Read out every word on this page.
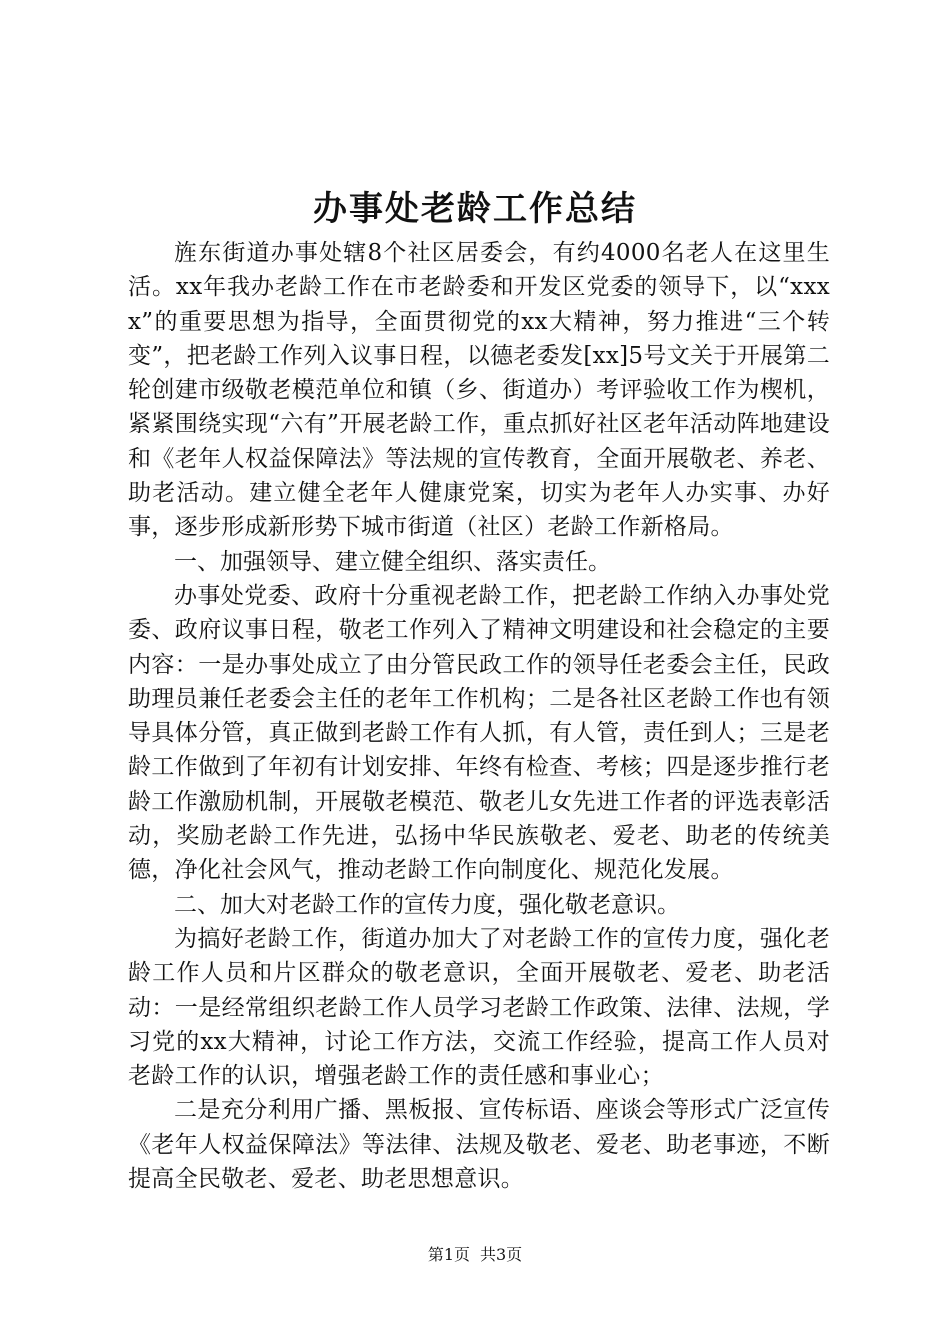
办事处老龄工作总结

旌东街道办事处辖8个社区居委会，有约4000名老人在这里生活。xx年我办老龄工作在市老龄委和开发区党委的领导下，以“xxxx”的重要思想为指导，全面贯彻党的xx大精神，努力推进“三个转变”，把老龄工作列入议事日程，以德老委发[xx]5号文关于开展第二轮创建市级敬老模范单位和镇（乡、街道办）考评验收工作为楔机，紧紧围绕实现“六有”开展老龄工作，重点抓好社区老年活动阵地建设和《老年人权益保障法》等法规的宣传教育，全面开展敬老、养老、助老活动。建立健全老年人健康党案，切实为老年人办实事、办好事，逐步形成新形势下城市街道（社区）老龄工作新格局。

一、加强领导、建立健全组织、落实责任。

办事处党委、政府十分重视老龄工作，把老龄工作纳入办事处党委、政府议事日程，敬老工作列入了精神文明建设和社会稳定的主要内容：一是办事处成立了由分管民政工作的领导任老委会主任，民政助理员兼任老委会主任的老年工作机构；二是各社区老龄工作也有领导具体分管，真正做到老龄工作有人抓，有人管，责任到人；三是老龄工作做到了年初有计划安排、年终有检查、考核；四是逐步推行老龄工作激励机制，开展敬老模范、敬老儿女先进工作者的评选表彰活动，奖励老龄工作先进，弘扬中华民族敬老、爱老、助老的传统美德，净化社会风气，推动老龄工作向制度化、规范化发展。

二、加大对老龄工作的宣传力度，强化敬老意识。

为搞好老龄工作，街道办加大了对老龄工作的宣传力度，强化老龄工作人员和片区群众的敬老意识，全面开展敬老、爱老、助老活动：一是经常组织老龄工作人员学习老龄工作政策、法律、法规，学习党的xx大精神，讨论工作方法，交流工作经验，提高工作人员对老龄工作的认识，增强老龄工作的责任感和事业心；

二是充分利用广播、黑板报、宣传标语、座谈会等形式广泛宣传《老年人权益保障法》等法律、法规及敬老、爱老、助老事迹，不断提高全民敬老、爱老、助老思想意识。

第1页 共3页
